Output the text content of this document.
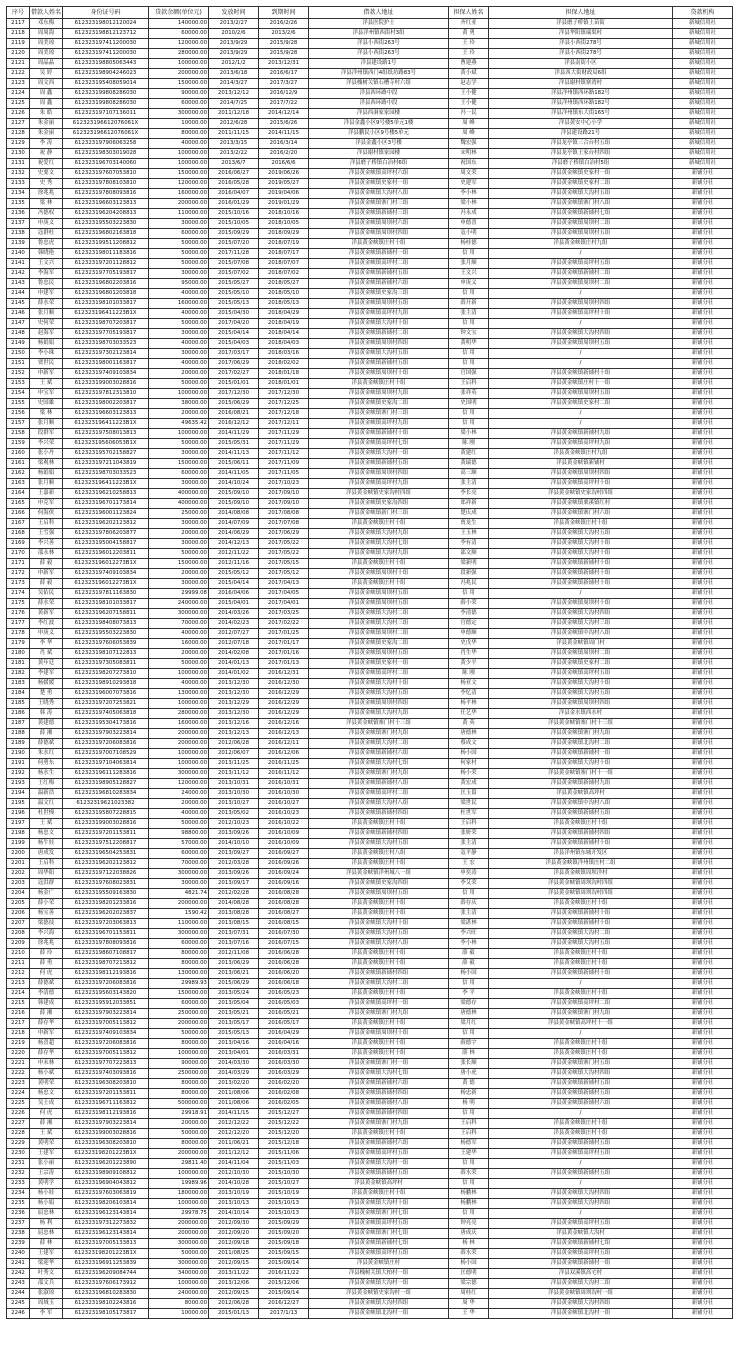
序号	借款人姓名	身份证号码	贷款余额(单位元)	发放时间	到期时间	借款人地址	担保人姓名	担保人地址	贷款机构
2117	邓东梅	612323198012120024	140000.00	2013/2/27	2016/2/26	洋县医院护士	齐红亚	洋县磨子桥镇土苗街	新城信用社
2118	周周海	612323198812123712	60000.00	2010/2/6	2013/2/6	洋县洋州镇西街村3组	黄 勇	洋县华阳镇瑞渠村	新城信用社
2119	周美琼	612323197411200030	120000.00	2013/9/29	2015/9/28	洋县小西街263号	王 玲	洋县小西街278号	新城信用社
2120	周美琼	612323197411200030	280000.00	2013/9/29	2015/9/28	洋县小西街263号	王 玲	洋县小西街278号	新城信用社
2121	周晶晶	612323198805063443	100000.00	2012/1/2	2013/12/31	洋县建设路1号	曹建燕	洋县南街小区	新城信用社
2122	吴 婷	612323198904246023	200000.00	2013/6/18	2016/6/17	洋县洋州镇西门4组纸坊路83号	黄小斌	洋县西大街财政局6组	新城信用社
2123	周文西	612323195408059014	150000.00	2014/3/27	2017/3/27	洋县槐树关镇石槽寺村六组	赵志学	洋县谢村镇寨湾村	新城信用社
2124	周 鑫	612323199808286030	90000.00	2013/12/12	2016/12/9	洋县西环路中段	王小健	洋县洋州镇西环路182号	新城信用社
2125	周 鑫	612323199808286030	60000.00	2014/7/25	2017/7/22	洋县西环路中段	王小健	洋县洋州镇西环路182号	新城信用社
2126	朱 皓	612323197107136011	300000.00	2011/12/18	2014/12/14	洋县西洞家家园楼	冯一民	洋县洋州镇东大街165号	新城信用社
2127	朱金丽	612323196612076061X	10000.00	2012/6/28	2015/6/26	洋县金鑫小区9号楼5单元1楼	周 峰	洋县黄安中心小学	新城信用社
2128	朱金丽	612323196612076061X	80000.00	2011/11/15	2014/11/15	洋县鹏民小区9号楼5单元	周 峰	洋县建设路21号	新城信用社
2129	李 涛	612323197906063258	40000.00	2013/3/15	2016/3/14	洋县金鑫小区3号楼	魏宏强	洋县龙亭镇三合台村五组	新城信用社
2130	祝 静	612323198303019028	100000.00	2013/2/22	2016/2/20	洋县谢村镇家园楼	宋明林	洋县龙亭镇王家台村四组	新城信用社
2131	祝爱红	612323196703140060	100000.00	2013/6/7	2016/6/6	洋县磨子桥镇白冶村6组	祝国东	洋县磨子桥镇白冶村5组	新城信用社
2132	史要文	612323197607053810	150000.00	2016/06/27	2019/06/26	洋县黄金峡镇高坪村六组	周文荣	洋县黄金峡镇史家村一组	新铺分社
2133	史 秀	612323197808103810	120000.00	2016/05/28	2019/05/27	洋县黄金峡镇史家村一组	史建军	洋县黄金峡镇史家村二组	新铺分社
2134	徐兆兆	612323197808093816	160000.00	2016/04/07	2019/04/06	洋县黄金峡镇大沟村八组	李小林	洋县黄金峡镇大沟村五组	新铺分社
2135	梁 林	612323196603123813	200000.00	2016/01/29	2019/01/29	洋县黄金峡镇寨门村三组	梁小林	洋县黄金峡镇寨门村八组	新铺分社
2136	冯德权	612323196204208813	110000.00	2015/10/16	2018/10/16	洋县黄金峡镇新铺村三组	冯永成	洋县黄金峡镇新铺村七组	新铺分社
2137	申庚义	612323195503223830	30000.00	2015/10/05	2018/10/05	洋县黄金峡镇周坝村六组	申德喜	洋县黄金峡镇周坝村二组	新铺分社
2138	寇群杜	612323196802163818	60000.00	2015/09/29	2018/09/29	洋县黄金峡镇周坝村四组	寇小明	洋县黄金峡镇周坝村五组	新铺分社
2139	鲁忠虎	612323199511208812	50000.00	2015/07/20	2018/07/19	洋县黄金峡镇庄村十组	杨桂德	洋县黄金峡镇庄村九组	新铺分社
2140	韩晓艳	612323198011183816	50000.00	2017/11/28	2018/07/17	洋县黄金峡镇新铺村一组	信 用	/	新铺分社
2141	王文兴	612323197201128812	50000.00	2015/07/08	2018/07/07	洋县黄金峡镇高坪村二组	张月顺	洋县黄金峡镇高坪村五组	新铺分社
2142	李海军	612323197705193817	30000.00	2015/07/02	2018/07/02	洋县黄金峡镇新铺村五组	王文兴	洋县黄金峡镇新铺村二组	新铺分社
2143	鲁忠民	612323196802203816	95000.00	2015/05/27	2018/05/27	洋县黄金峡镇新铺村六组	申庚义	洋县黄金峡镇周坝村二组	新铺分社
2144	申建军	612323196801203818	40000.00	2015/05/10	2018/05/10	洋县黄金峡镇史家沟三组	信 用	/	新铺分社
2145	薛水荣	612323198101033817	160000.00	2015/05/13	2018/05/13	洋县黄金峡镇周坝村五组	薛开新	洋县黄金峡镇周坝村四组	新铺分社
2146	张月顺	612323196411223B1X	40000.00	2015/04/30	2018/04/29	洋县黄金峡镇高坪村九组	张主清	洋县黄金峡镇高坪村十组	新铺分社
2147	史何荣	612323198707203817	50000.00	2017/04/20	2018/04/19	洋县黄金峡镇大沟村十组	信 用	/	新铺分社
2148	赵海军	612323197705193817	30000.00	2015/04/14	2018/04/14	洋县黄金峡镇新铺村二组	钟文宝	洋县黄金峡镇大沟村四组	新铺分社
2149	杨娟娟	612323198703033523	40000.00	2015/04/03	2018/04/03	洋县黄金峡镇周坝村四组	黄明华	洋县黄金峡镇周坝村五组	新铺分社
2150	李小珠	612323197302123814	30000.00	2017/03/17	2018/03/16	洋县黄金峡镇大沟村五组	信 用	/	新铺分社
2151	贾世民	612323198001163817	40000.00	2017/06/29	2018/02/02	洋县黄金峡镇新铺村五组	信 用	/	新铺分社
2152	申新军	612323197409103834	20000.00	2017/02/27	2018/01/18	洋县黄金峡镇周坝村十组	官国强	洋县黄金峡镇新铺村十组	新铺分社
2153	王 斌	612323199003028816	50000.00	2015/01/01	2018/01/01	洋县黄金峡镇庄村十组	王启科	洋县黄金峡镇庄村十一组	新铺分社
2154	申宝军	612323197812313810	100000.00	2017/12/30	2017/12/30	洋县黄金峡镇周坝村九组	张祥英	洋县黄金峡镇周坝村五组	新铺分社
2155	史国雄	612323198002203817	38000.00	2015/06/29	2017/12/25	洋县黄金峡镇史家沟二组	史国明	洋县黄金峡镇史家村二组	新铺分社
2156	梁 林	612323196603123813	20000.00	2016/08/21	2017/12/18	洋县黄金峡镇寨门村三组	信 用	/	新铺分社
2157	张月顺	612323196411223B1X	49635.42	2016/12/12	2017/12/11	洋县黄金峡镇高坪村九组	信 用	/	新铺分社
2158	段群军	612323197508013813	100000.00	2014/11/29	2017/11/29	洋县黄金峡镇新铺村十组	梁小林	洋县黄金峡镇新铺村九组	新铺分社
2159	李兴荣	612323195606053B1X	50000.00	2015/05/31	2017/11/29	洋县黄金峡镇高坪村七组	陈 刚	洋县黄金峡镇高坪村九组	新铺分社
2160	张小丹	612323195702158827	30000.00	2014/11/13	2017/11/12	洋县黄金峡镇大沟村一组	黄建红	洋县黄金峡镇庄村九组	新铺分社
2161	梁观林	612323197211043819	150000.00	2015/06/11	2017/11/09	洋县黄金峡镇新铺村五组	黄瑞德	洋县黄金峡镇新铺村	新铺分社
2162	杨娟娟	612323198703033523	60000.00	2014/11/05	2017/11/05	洋县黄金峡镇周坝村四组	高三顺	洋县黄金峡镇周坝村四组	新铺分社
2163	张月顺	612323196411223B1X	30000.00	2014/10/24	2017/10/23	洋县黄金峡镇高坪村九组	张主清	洋县黄金峡镇高坪村十组	新铺分社
2164	王嘉新	612323196210258813	400000.00	2015/09/10	2017/09/10	洋县黄金峡镇史家沟村四组	李长亮	洋县黄金峡镇史家沟村四组	新铺分社
2165	申克军	612323196701173814	400000.00	2015/09/10	2017/09/10	洋县黄金峡镇史家沟四组	郑祥新	洋县黄金峡镇栗溪镇红村	新铺分社
2166	何海侠	612323196001123824	25000.00	2014/08/08	2017/08/08	洋县黄金峡镇新门村三组	楚庆成	洋县黄金峡镇寨门村六组	新铺分社
2167	王启科	612323196202123812	30000.00	2014/07/09	2017/07/08	洋县黄金峡镇庄村十组	贾龙生	洋县黄金峡镇庄村十组	新铺分社
2168	王雪强	612323197806203877	20000.00	2014/06/29	2017/06/29	洋县黄金峡镇大沟村九组	王玉林	洋县黄金峡镇大沟村五组	新铺分社
2169	李兴善	612323195004158817	30000.00	2014/12/13	2017/05/22	洋县黄金峡镇大沟村七组	李有清	洋县黄金峡镇大沟村十组	新铺分社
2170	邵永林	612323196012203811	50000.00	2012/11/22	2017/05/22	洋县黄金峡镇大沟村九组	邵文顺	洋县黄金峡镇大沟村十组	新铺分社
2171	薛 毅	612323196012273B1X	150000.00	2012/11/16	2017/05/15	洋县黄金峡镇庄村十组	梁新明	洋县黄金峡镇新铺村十组	新铺分社
2172	申新军	612323197409103834	20000.00	2015/05/12	2017/05/12	洋县黄金峡镇周坝村十组	段新强	洋县黄金峡镇新铺村十组	新铺分社
2173	薛 毅	612323196012273B1X	30000.00	2015/04/14	2017/04/13	洋县黄金峡镇庄村十组	冯兆民	洋县黄金峡镇新铺村十组	新铺分社
2174	吴佑民	612323197811163830	29999.08	2016/04/06	2017/04/05	洋县黄金峡镇周坝村五组	信 用	/	新铺分社
2175	薛水荣	612323198101033817	240000.00	2015/04/01	2017/04/01	洋县黄金峡镇周坝村五组	薛小荣	洋县黄金峡镇周坝村十组	新铺分社
2176	黄新军	612323196207158811	300000.00	2014/03/26	2017/03/25	洋县黄金峡镇大沟村二组	李清德	洋县黄金峡镇大沟村四组	新铺分社
2177	李红波	612323198408073813	70000.00	2014/02/23	2017/02/22	洋县黄金峡镇大沟村三组	官德定	洋县黄金峡镇大沟村三组	新铺分社
2178	申庚义	612323195503223830	40000.00	2012/07/27	2017/01/25	洋县黄金峡镇周坝村二组	申德顺	洋县黄金峡镇中沟村八组	新铺分社
2179	李 华	612323197606053839	16000.00	2012/07/18	2017/01/17	洋县黄金峡镇史家沟二组	史戊华	洋县黄金峡镇周门村	新铺分社
2180	肖 斌	612323198107122813	20000.00	2014/02/08	2017/01/16	洋县黄金峡镇周坝村五组	肖生华	洋县黄金峡镇周坝村二组	新铺分社
2181	黄年廷	612323197305083811	50000.00	2014/01/13	2017/01/13	洋县黄金峡镇史家村一组	黄少平	洋县黄金峡镇史家村二组	新铺分社
2182	李建军	612323198207273810	100000.00	2014/01/02	2016/12/31	洋县黄金峡镇高坪村二组	陈 刚	洋县黄金峡镇高坪村五组	新铺分社
2183	杨媛媛	612323198910293818	40000.00	2013/12/30	2016/12/30	洋县黄金峡镇大沟村十组	杨亚文	洋县黄金峡镇大沟村十组	新铺分社
2184	楚 勇	612323196007073816	130000.00	2013/12/30	2016/12/29	洋县黄金峡镇大沟村五组	李忆清	洋县黄金峡镇大沟村五组	新铺分社
2185	王晓秀	612323197207253821	100000.00	2013/12/29	2016/12/29	洋县黄金峡镇周坝村四组	杨平林	洋县黄金峡镇周坝村四组	新铺分社
2186	韩 涛	612323197405063818	280000.00	2013/12/30	2016/12/29	洋县黄金峡镇大沟村九组	任艺华	洋县金水镇西水村	新铺分社
2187	黄建德	612323195304173816	160000.00	2013/12/16	2016/12/16	洋县黄金峡镇寨门村十三组	黄 英	洋县黄金峡镇寨门村十三组	新铺分社
2188	薛 湘	612323197903223814	200000.00	2013/12/13	2016/12/13	洋县黄金峡镇寨门村九组	唐德林	洋县黄金峡镇寨门村九组	新铺分社
2189	薛德斌	612323197206083816	200000.00	2012/06/28	2016/12/11	洋县黄金峡镇大沟村二组	蔡成文	洋县黄金峡镇北沟村二组	新铺分社
2190	朱水红	612323197007108529	100000.00	2012/06/07	2016/12/06	洋县黄金峡镇新铺村六组	杨小国	洋县黄金峡镇新铺村一组	新铺分社
2191	何勇东	612323197104063814	100000.00	2013/11/25	2016/11/25	洋县黄金峡镇大沟村七组	何家村	洋县黄金峡镇大沟村十组	新铺分社
2192	杨水生	612323196111283816	300000.00	2013/11/12	2016/11/12	洋县黄金峡镇寨门村九组	杨小荣	洋县黄金峡镇寨门村十一组	新铺分社
2193	王红梅	612323198905128827	120000.00	2013/10/31	2016/10/31	洋县黄金峡镇新铺村八组	黄宏成	洋县黄金峡镇新铺村九组	新铺分社
2194	温新浩	612323196810283834	24000.00	2013/10/30	2016/10/30	洋县黄金峡镇高坪村二组	匡玉留	洋县黄金峡镇高坪村	新铺分社
2195	温文红	61232319621023382	20000.00	2013/10/27	2016/10/27	洋县黄金峡镇大沟村八组	梁世民	洋县黄金峡镇中沟村八组	新铺分社
2196	杜世慢	612323195807228815	40000.00	2013/05/02	2016/10/23	洋县黄金峡镇新铺村四组	杜世军	洋县黄金峡镇新铺村五组	新铺分社
2197	王 斌	612323199003028816	50000.00	2012/10/23	2016/10/22	洋县黄金峡镇庄村十组	王启科	洋县黄金峡镇庄村十组	新铺分社
2198	杨忠文	612323197201153811	98800.00	2013/09/26	2016/10/09	洋县黄金峡镇新铺村四组	张妍荣	洋县黄金峡镇新铺村四组	新铺分社
2199	杨牛娃	612323197512208817	57000.00	2014/10/10	2016/10/09	洋县黄金峡镇大沟村五组	张主清	洋县黄金峡镇新铺村十组	新铺分社
2200	唐成发	612323196504253831	60000.00	2013/09/27	2016/09/27	洋县黄金峡镇庄村八组	寇平静	洋县洋州镇东城开发区	新铺分社
2201	王启科	612323196202123812	70000.00	2012/03/28	2016/09/26	洋县黄金峡镇庄村十组	王 宏	洋县黄金峡镇洋州镇庄村二组	新铺分社
2202	周华阳	612323197122038826	300000.00	2013/09/26	2016/09/24	洋县黄金峡镇洋州城八一组	申奕涛	洋县黄金峡镇周坝洋村	新铺分社
2203	寇洪群	612323197608023831	30000.00	2013/09/17	2016/09/16	洋县黄金峡镇史家沟四组	李艾荣	洋县黄金峡镇周坝沟村四组	新铺分社
2204	杨金广	612323195509163830	4821.74	2012/02/28	2016/08/28	洋县黄金峡镇周坝村五组	信 用	洋县黄金峡镇周坝沟村四组	新铺分社
2205	薛小荣	612323198201233816	200000.00	2014/08/28	2016/08/28	洋县黄金峡镇庄村十组	薛存庆	洋县黄金峡镇庄村十组	新铺分社
2206	杨宝善	612323196202023837	1590.42	2013/08/28	2016/08/27	洋县黄金峡镇庄村十组	张主清	洋县黄金峡镇新铺村十组	新铺分社
2207	梁德技	612323197203063813	110000.00	2013/08/15	2016/08/15	洋县黄金峡镇大沟村十组	梁湛林	洋县黄金峡镇新铺村十组	新铺分社
2208	李兴海	612323196701153811	300000.00	2013/07/31	2016/07/30	洋县黄金峡镇大沟村五组	李兴旺	洋县黄金峡镇大沟村二组	新铺分社
2209	徐兆兆	612323197808093816	60000.00	2013/07/16	2016/07/15	洋县黄金峡镇大沟村八组	李小林	洋县黄金峡镇大沟村五组	新铺分社
2210	薛 玲	612323198607108817	80000.00	2012/11/08	2016/06/28	洋县黄金峡镇庄村十组	薛 毅	洋县黄金峡镇庄村十组	新铺分社
2211	薛 勇	612323198707213812	80000.00	2013/06/29	2016/06/28	洋县黄金峡镇庄村十组	薛 毅	洋县黄金峡镇庄村十组	新铺分社
2212	何 虎	612323198112193816	130000.00	2013/06/21	2016/06/20	洋县黄金峡镇新铺村四组	杨小国	洋县黄金峡镇新铺村十组	新铺分社
2213	薛德斌	612323197206083816	29989.93	2015/06/29	2016/06/18	洋县黄金峡镇大沟村二组	信 用	/	新铺分社
2214	李清德	612323195603143820	150000.00	2013/05/24	2016/05/23	洋县黄金峡镇庄村十组	李 平	洋县黄金峡镇庄村十组	新铺分社
2215	韩建成	612323195912033851	60000.00	2013/05/04	2016/05/03	洋县黄金峡镇高坪村一组	梁德存	洋县黄金峡镇高坪村二组	新铺分社
2216	薛 湘	612323197903223814	250000.00	2013/05/21	2016/05/21	洋县黄金峡镇寨门村九组	唐德林	洋县黄金峡镇寨门村九组	新铺分社
2217	薛存华	612323197005113812	200000.00	2013/05/17	2016/05/17	洋县黄金峡镇庄村十组	梁月红	洋县黄金峡镇高坪村十一组	新铺分社
2218	申新军	612323197409103834	50000.00	2015/05/13	2016/04/29	洋县黄金峡镇周坝村十组	信 用	/	新铺分社
2219	杨喜超	612323197206083816	80000.00	2013/04/16	2016/04/16	洋县黄金峡镇庄村十组	薛德宇	洋县黄金峡镇庄村十组	新铺分社
2220	薛存华	612323197005113812	100000.00	2013/04/01	2016/03/31	洋县黄金峡镇庄村十组	薛 林	洋县黄金峡镇庄村十组	新铺分社
2221	申末林	612323197707223813	90000.00	2014/03/30	2016/03/30	洋县黄金峡镇寨门村一组	张长顺	洋县黄金峡镇寨门村五组	新铺分社
2222	杨小斌	612323197403093816	250000.00	2014/03/29	2016/03/29	洋县黄金峡镇大沟村七组	唐小虎	洋县黄金峡镇大沟村四组	新铺分社
2223	黄明荣	612323196308203810	80000.00	2013/02/20	2016/02/20	洋县黄金峡镇新铺村六组	黄 德	洋县黄金峡镇新铺村五组	新铺分社
2224	杨忠文	612323197201153811	80000.00	2011/08/06	2016/02/08	洋县黄金峡镇新铺村四组	杨忠新	洋县黄金峡镇新铺村五组	新铺分社
2225	吴士成	612323196711163812	500000.00	2011/08/06	2016/02/05	洋县黄金峡镇新铺村八组	杨 明	洋县黄金峡镇新铺村六组	新铺分社
2226	何 虎	612323198112193816	29918.91	2014/11/15	2015/12/27	洋县黄金峡镇新铺村四组	信 用	/	新铺分社
2227	薛 湘	612323197903223814	20000.00	2012/12/22	2015/12/22	洋县黄金峡镇寨门村九组	王启科	洋县黄金峡镇庄村十组	新铺分社
2228	王 斌	612323199003028816	50000.00	2012/12/20	2015/12/20	洋县黄金峡镇庄村十组	王启科	洋县黄金峡镇庄村十组	新铺分社
2229	黄明荣	612323196308203810	80000.00	2011/06/21	2015/12/18	洋县黄金峡镇新铺村六组	杨德军	洋县黄金峡镇新铺村五组	新铺分社
2230	王建军	612323198201223B1X	200000.00	2011/12/12	2015/11/06	洋县黄金峡镇高坪村五组	王建华	洋县黄金峡镇高坪村五组	新铺分社
2231	张小丽	612323196201223890	29811.40	2014/11/04	2015/11/03	洋县黄金峡镇大沟村一组	信 用	/	新铺分社
2232	王宗涛	612323198909108812	100000.00	2012/10/30	2015/10/30	洋县黄金峡镇新铺村五组	薛水荣	洋县黄金峡镇新铺村五组	新铺分社
2233	黄明学	612323196904043812	19989.96	2014/10/28	2015/10/27	洋县黄金峡镇高坪村	信 用	/	新铺分社
2234	杨小娃	612323197603063819	180000.00	2013/10/19	2015/10/19	洋县黄金峡镇庄村十组	杨鹏林	洋县黄金峡镇大沟村四组	新铺分社
2235	杨小娟	612323198206103814	100000.00	2013/10/13	2015/10/13	洋县黄金峡镇大沟村十组	杨鹏林	洋县黄金峡镇大沟村四组	新铺分社
2236	屈忠林	612323196123143814	29978.75	2014/10/14	2015/10/13	洋县黄金峡镇寨门村七组	信 用	/	新铺分社
2237	杨 利	612323197312273832	200000.00	2012/09/30	2015/09/29	洋县黄金峡镇高坪村五组	钟亮亮	洋县黄金峡镇高坪村五组	新铺分社
2238	屈忠林	612323196123143814	200000.00	2012/09/20	2015/09/20	洋县黄金峡镇寨门村七组	唐成庆	洋县黄金峡镇大沟村	新铺分社
2239	薛 林	612323197005133813	300000.00	2012/09/18	2015/09/18	洋县黄金峡镇新铺村七组	杨 林	洋县黄金峡镇新铺村七组	新铺分社
2240	王建军	612323198201223B1X	50000.00	2011/08/25	2015/09/15	洋县黄金峡镇高坪村五组	薛水荣	洋县黄金峡镇高坪村五组	新铺分社
2241	梁迎华	612323196911253839	300000.00	2012/09/15	2015/09/14	洋县黄金峡镇庄村	杨小国	洋县黄金峡镇新铺村一组	新铺分社
2242	叶秀文	612323196209084744	340000.00	2013/11/22	2016/11/22	洋县槐树关镇大柏村一组	匡德明	洋县双溪镇高宅村	新铺分社
2243	邵文兵	612323197606173912	100000.00	2013/12/06	2015/12/06	洋县黄金峡镇大沟村一组	梁宗德	洋县黄金峡镇大沟村二组	新铺分社
2244	张淑琼	612323196810283830	240000.00	2012/09/15	2015/09/14	洋县黄金峡镇史家沟村一组	周桂红	洋县黄金峡镇周坝沟村一组	新铺分社
2245	周域玉	612323198102243816	8000.00	2012/06/28	2016/12/27	洋县黄金峡镇大沟村四组	周 华	洋县黄金峡镇大沟村四组	新铺分社
2246	李 军	612323198105173817	10000.00	2015/01/13	2017/1/13	洋县黄金峡镇北沟村一组	王 华	洋县黄金峡镇北沟村一组	新铺分社
